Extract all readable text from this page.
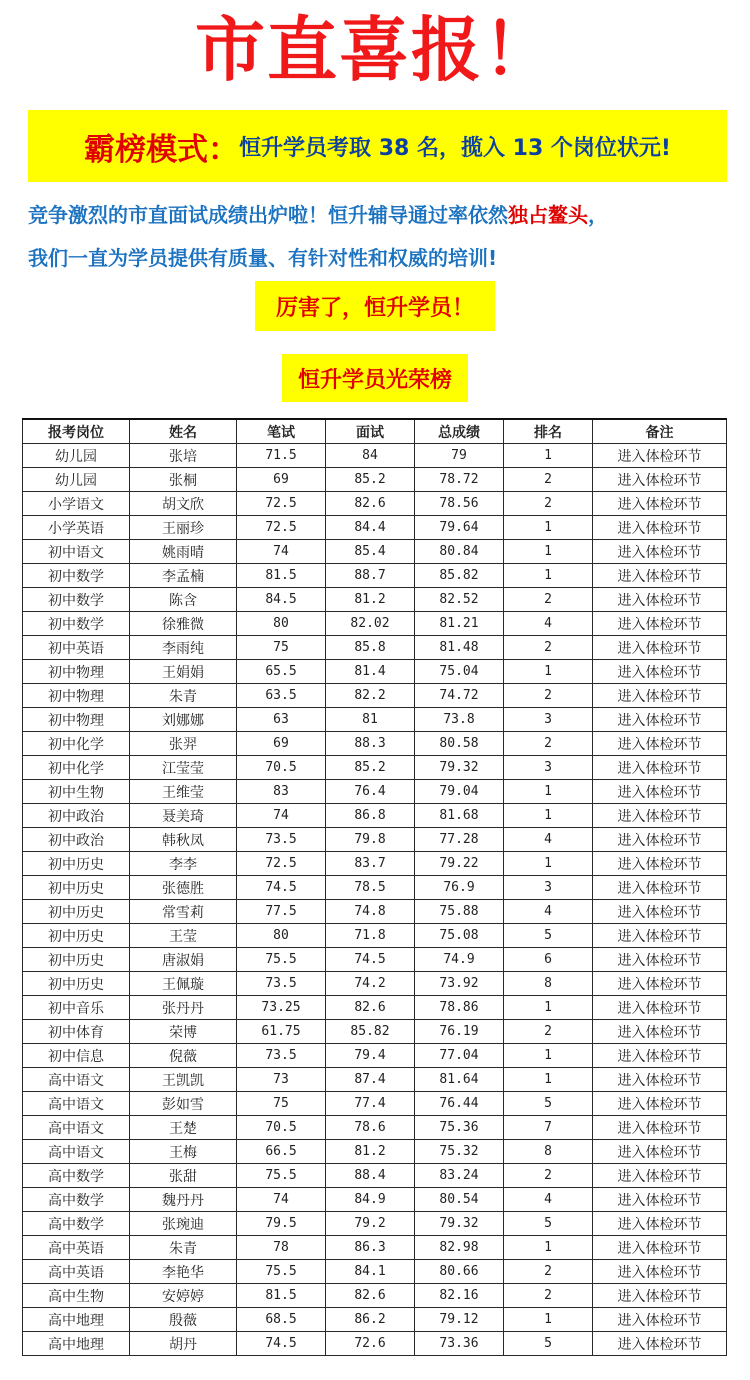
市直喜报！
霸榜模式： 恒升学员考取 38 名，揽入 13 个岗位状元!
竞争激烈的市直面试成绩出炉啦！恒升辅导通过率依然独占鳌头，
我们一直为学员提供有质量、有针对性和权威的培训!
厉害了，恒升学员！
恒升学员光荣榜
报考岗位	姓名	笔试	面试	总成绩	排名	备注
幼儿园	张培	71.5	84	79	1	进入体检环节
幼儿园	张桐	69	85.2	78.72	2	进入体检环节
小学语文	胡文欣	72.5	82.6	78.56	2	进入体检环节
小学英语	王丽珍	72.5	84.4	79.64	1	进入体检环节
初中语文	姚雨晴	74	85.4	80.84	1	进入体检环节
初中数学	李孟楠	81.5	88.7	85.82	1	进入体检环节
初中数学	陈含	84.5	81.2	82.52	2	进入体检环节
初中数学	徐雅微	80	82.02	81.21	4	进入体检环节
初中英语	李雨纯	75	85.8	81.48	2	进入体检环节
初中物理	王娟娟	65.5	81.4	75.04	1	进入体检环节
初中物理	朱青	63.5	82.2	74.72	2	进入体检环节
初中物理	刘娜娜	63	81	73.8	3	进入体检环节
初中化学	张羿	69	88.3	80.58	2	进入体检环节
初中化学	江莹莹	70.5	85.2	79.32	3	进入体检环节
初中生物	王维莹	83	76.4	79.04	1	进入体检环节
初中政治	聂美琦	74	86.8	81.68	1	进入体检环节
初中政治	韩秋凤	73.5	79.8	77.28	4	进入体检环节
初中历史	李李	72.5	83.7	79.22	1	进入体检环节
初中历史	张德胜	74.5	78.5	76.9	3	进入体检环节
初中历史	常雪莉	77.5	74.8	75.88	4	进入体检环节
初中历史	王莹	80	71.8	75.08	5	进入体检环节
初中历史	唐淑娟	75.5	74.5	74.9	6	进入体检环节
初中历史	王佩璇	73.5	74.2	73.92	8	进入体检环节
初中音乐	张丹丹	73.25	82.6	78.86	1	进入体检环节
初中体育	荣博	61.75	85.82	76.19	2	进入体检环节
初中信息	倪薇	73.5	79.4	77.04	1	进入体检环节
高中语文	王凯凯	73	87.4	81.64	1	进入体检环节
高中语文	彭如雪	75	77.4	76.44	5	进入体检环节
高中语文	王楚	70.5	78.6	75.36	7	进入体检环节
高中语文	王梅	66.5	81.2	75.32	8	进入体检环节
高中数学	张甜	75.5	88.4	83.24	2	进入体检环节
高中数学	魏丹丹	74	84.9	80.54	4	进入体检环节
高中数学	张琬迪	79.5	79.2	79.32	5	进入体检环节
高中英语	朱青	78	86.3	82.98	1	进入体检环节
高中英语	李艳华	75.5	84.1	80.66	2	进入体检环节
高中生物	安婷婷	81.5	82.6	82.16	2	进入体检环节
高中地理	殷薇	68.5	86.2	79.12	1	进入体检环节
高中地理	胡丹	74.5	72.6	73.36	5	进入体检环节
